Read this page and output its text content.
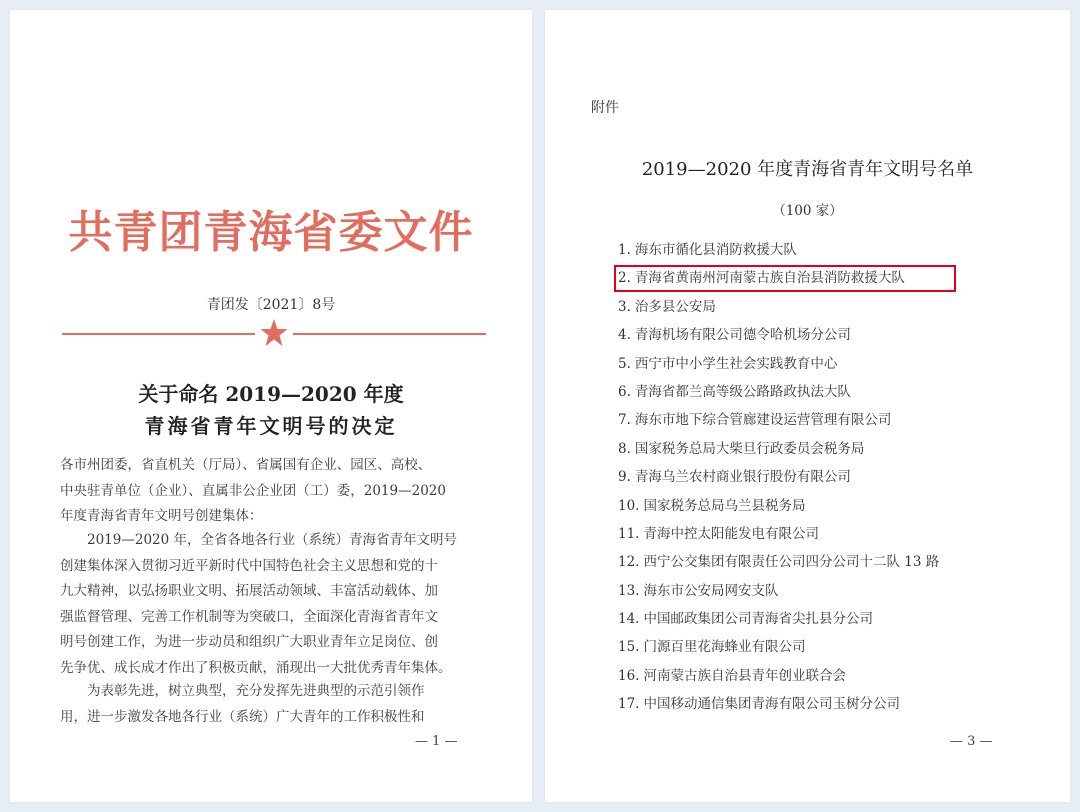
共青团青海省委文件
青团发〔2021〕8号
关于命名 2019—2020 年度
青海省青年文明号的决定
各市州团委，省直机关（厅局）、省属国有企业、园区、高校、
中央驻青单位（企业）、直属非公企业团（工）委，2019—2020
年度青海省青年文明号创建集体：
　　2019—2020 年，全省各地各行业（系统）青海省青年文明号
创建集体深入贯彻习近平新时代中国特色社会主义思想和党的十
九大精神，以弘扬职业文明、拓展活动领域、丰富活动载体、加
强监督管理、完善工作机制等为突破口，全面深化青海省青年文
明号创建工作，为进一步动员和组织广大职业青年立足岗位、创
先争优、成长成才作出了积极贡献，涌现出一大批优秀青年集体。
　　为表彰先进，树立典型，充分发挥先进典型的示范引领作
用，进一步激发各地各行业（系统）广大青年的工作积极性和
— 1 —
附件
2019—2020 年度青海省青年文明号名单
（100 家）
1. 海东市循化县消防救援大队
2. 青海省黄南州河南蒙古族自治县消防救援大队
3. 治多县公安局
4. 青海机场有限公司德令哈机场分公司
5. 西宁市中小学生社会实践教育中心
6. 青海省都兰高等级公路路政执法大队
7. 海东市地下综合管廊建设运营管理有限公司
8. 国家税务总局大柴旦行政委员会税务局
9. 青海乌兰农村商业银行股份有限公司
10. 国家税务总局乌兰县税务局
11. 青海中控太阳能发电有限公司
12. 西宁公交集团有限责任公司四分公司十二队 13 路
13. 海东市公安局网安支队
14. 中国邮政集团公司青海省尖扎县分公司
15. 门源百里花海蜂业有限公司
16. 河南蒙古族自治县青年创业联合会
17. 中国移动通信集团青海有限公司玉树分公司
— 3 —
